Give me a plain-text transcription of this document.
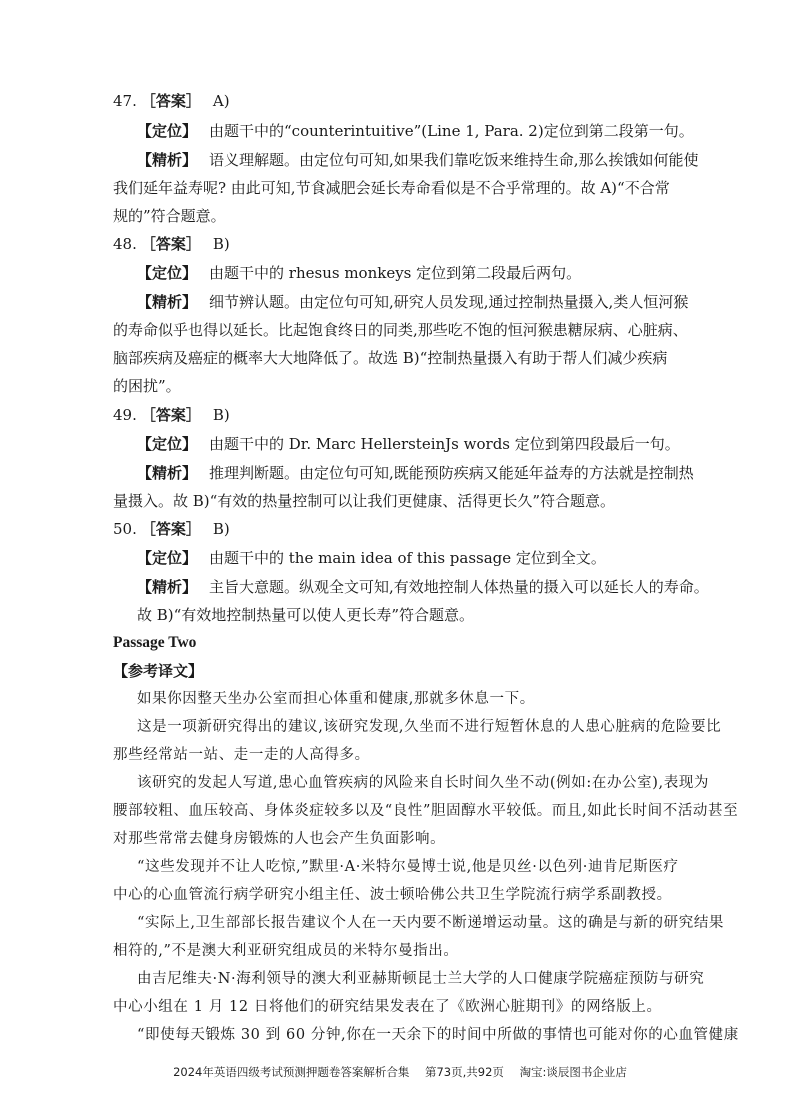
47. ［答案］ A)
【定位】 由题干中的“counterintuitive”(Line 1, Para. 2)定位到第二段第一句。
【精析】 语义理解题。由定位句可知,如果我们靠吃饭来维持生命,那么挨饿如何能使
我们延年益寿呢? 由此可知,节食减肥会延长寿命看似是不合乎常理的。故 A)“不合常
规的”符合题意。
48. ［答案］ B)
【定位】 由题干中的 rhesus monkeys 定位到第二段最后两句。
【精析】 细节辨认题。由定位句可知,研究人员发现,通过控制热量摄入,类人恒河猴
的寿命似乎也得以延长。比起饱食终日的同类,那些吃不饱的恒河猴患糖尿病、心脏病、
脑部疾病及癌症的概率大大地降低了。故选 B)“控制热量摄入有助于帮人们减少疾病
的困扰”。
49. ［答案］ B)
【定位】 由题干中的 Dr. Marc HellersteinJs words 定位到第四段最后一句。
【精析】 推理判断题。由定位句可知,既能预防疾病又能延年益寿的方法就是控制热
量摄入。故 B)“有效的热量控制可以让我们更健康、活得更长久”符合题意。
50. ［答案］ B)
【定位】 由题干中的 the main idea of this passage 定位到全文。
【精析】 主旨大意题。纵观全文可知,有效地控制人体热量的摄入可以延长人的寿命。
故 B)“有效地控制热量可以使人更长寿”符合题意。
Passage Two
【参考译文】
如果你因整天坐办公室而担心体重和健康,那就多休息一下。
这是一项新研究得出的建议,该研究发现,久坐而不进行短暂休息的人患心脏病的危险要比
那些经常站一站、走一走的人高得多。
该研究的发起人写道,患心血管疾病的风险来自长时间久坐不动(例如:在办公室),表现为
腰部较粗、血压较高、身体炎症较多以及“良性”胆固醇水平较低。而且,如此长时间不活动甚至
对那些常常去健身房锻炼的人也会产生负面影响。
“这些发现并不让人吃惊,”默里·A·米特尔曼博士说,他是贝丝·以色列·迪肯尼斯医疗
中心的心血管流行病学研究小组主任、波士顿哈佛公共卫生学院流行病学系副教授。
“实际上,卫生部部长报告建议个人在一天内要不断递增运动量。这的确是与新的研究结果
相符的,”不是澳大利亚研究组成员的米特尔曼指出。
由吉尼维夫·N·海利领导的澳大利亚赫斯顿昆士兰大学的人口健康学院癌症预防与研究
中心小组在 1 月 12 日将他们的研究结果发表在了《欧洲心脏期刊》的网络版上。
“即使每天锻炼 30 到 60 分钟,你在一天余下的时间中所做的事情也可能对你的心血管健康
2024年英语四级考试预测押题卷答案解析合集 第73页,共92页 淘宝:谈辰图书企业店
